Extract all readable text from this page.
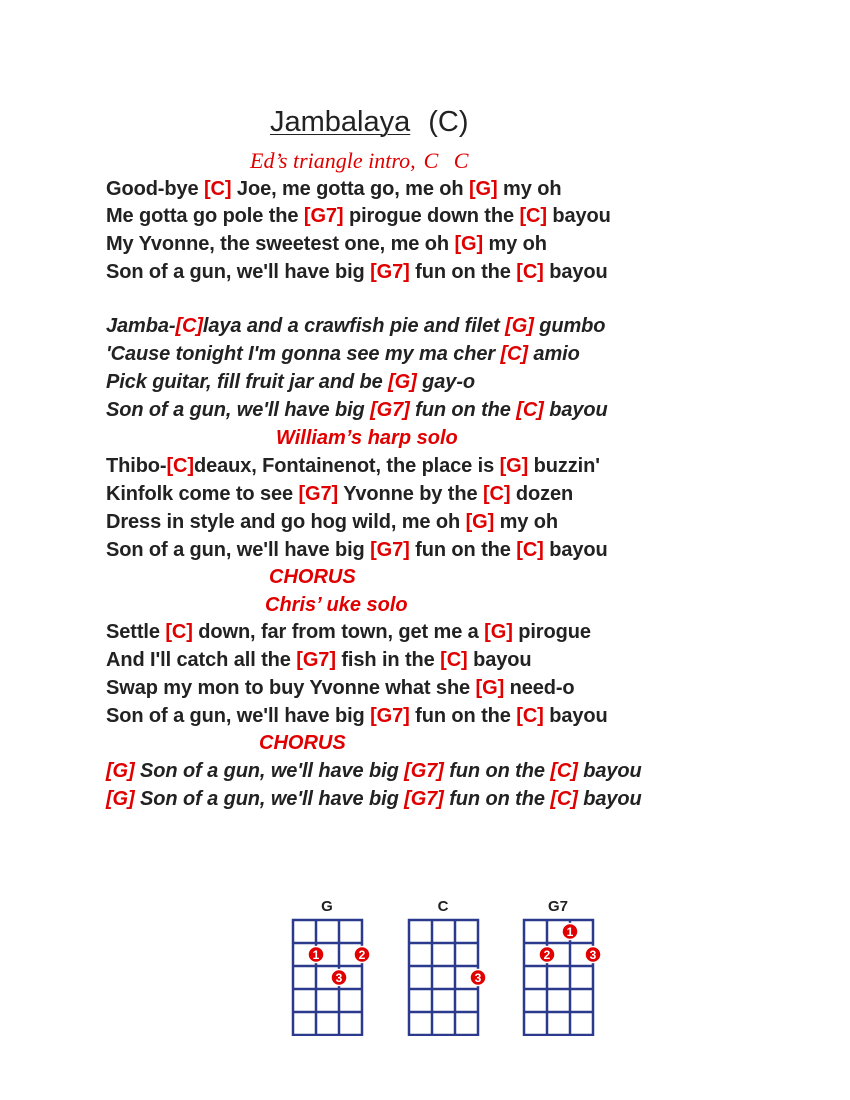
Jambalaya (C)
Ed’s triangle intro, C C
Good-bye [C] Joe, me gotta go, me oh [G] my oh
Me gotta go pole the [G7] pirogue down the [C] bayou
My Yvonne, the sweetest one, me oh [G] my oh
Son of a gun, we'll have big [G7] fun on the [C] bayou
Jamba-[C]laya and a crawfish pie and filet [G] gumbo
'Cause tonight I'm gonna see my ma cher [C] amio
Pick guitar, fill fruit jar and be [G] gay-o
Son of a gun, we'll have big [G7] fun on the [C] bayou
Thibo-[C]deaux, Fontainenot, the place is [G] buzzin'
Kinfolk come to see [G7] Yvonne by the [C] dozen
Dress in style and go hog wild, me oh [G] my oh
Son of a gun, we'll have big [G7] fun on the [C] bayou
Settle [C] down, far from town, get me a [G] pirogue
And I'll catch all the [G7] fish in the [C] bayou
Swap my mon to buy Yvonne what she [G] need-o
Son of a gun, we'll have big [G7] fun on the [C] bayou
[G] Son of a gun, we'll have big [G7] fun on the [C] bayou
[G] Son of a gun, we'll have big [G7] fun on the [C] bayou
William’s harp solo
CHORUS
Chris’ uke solo
CHORUS
G
1	2
3
C
3
G7
1
2	3
